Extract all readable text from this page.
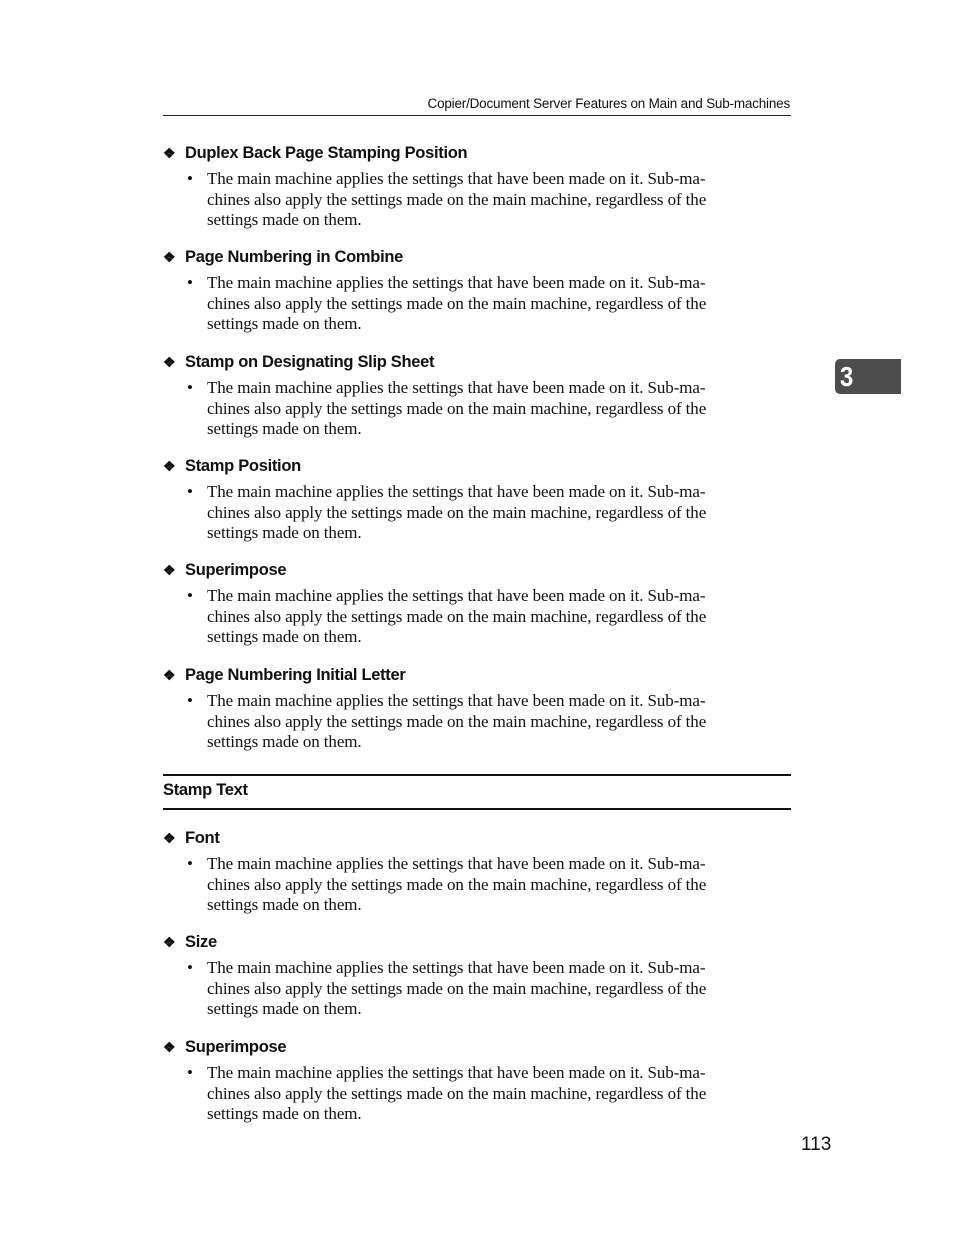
Copier/Document Server Features on Main and Sub-machines
3
❖ Duplex Back Page Stamping Position
• The main machine applies the settings that have been made on it. Sub-ma-
chines also apply the settings made on the main machine, regardless of the
settings made on them.
❖ Page Numbering in Combine
• The main machine applies the settings that have been made on it. Sub-ma-
chines also apply the settings made on the main machine, regardless of the
settings made on them.
❖ Stamp on Designating Slip Sheet
• The main machine applies the settings that have been made on it. Sub-ma-
chines also apply the settings made on the main machine, regardless of the
settings made on them.
❖ Stamp Position
• The main machine applies the settings that have been made on it. Sub-ma-
chines also apply the settings made on the main machine, regardless of the
settings made on them.
❖ Superimpose
• The main machine applies the settings that have been made on it. Sub-ma-
chines also apply the settings made on the main machine, regardless of the
settings made on them.
❖ Page Numbering Initial Letter
• The main machine applies the settings that have been made on it. Sub-ma-
chines also apply the settings made on the main machine, regardless of the
settings made on them.
Stamp Text
❖ Font
• The main machine applies the settings that have been made on it. Sub-ma-
chines also apply the settings made on the main machine, regardless of the
settings made on them.
❖ Size
• The main machine applies the settings that have been made on it. Sub-ma-
chines also apply the settings made on the main machine, regardless of the
settings made on them.
❖ Superimpose
• The main machine applies the settings that have been made on it. Sub-ma-
chines also apply the settings made on the main machine, regardless of the
settings made on them.
113
